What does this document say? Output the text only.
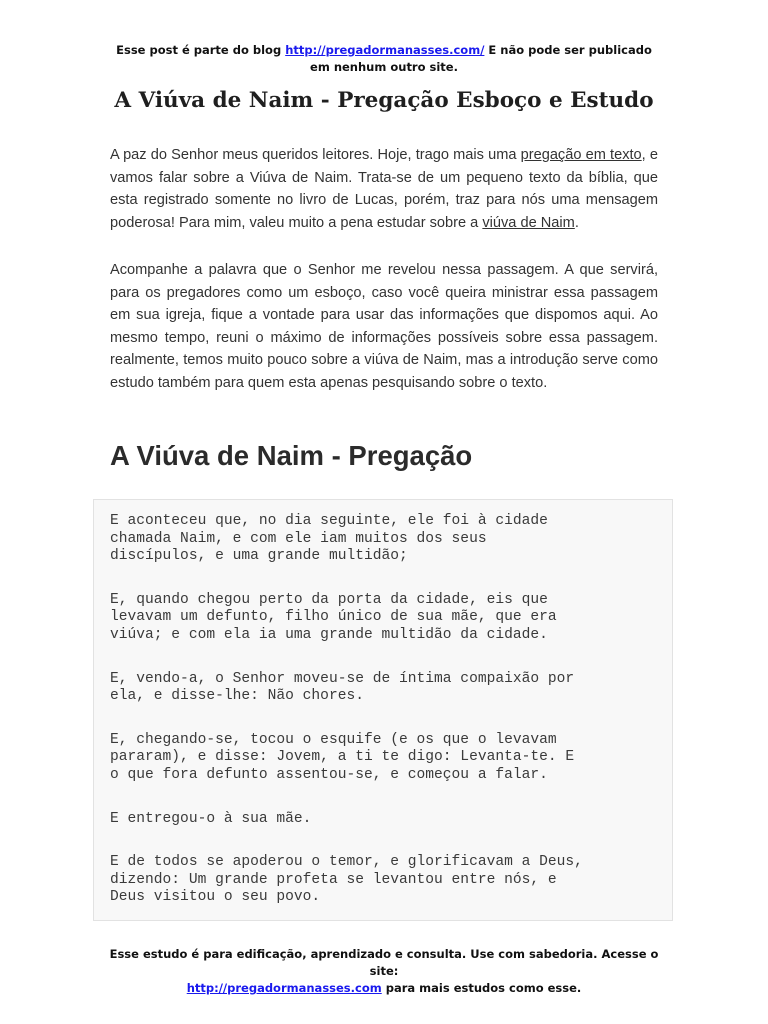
Esse post é parte do blog http://pregadormanasses.com/ E não pode ser publicado em nenhum outro site.
A Viúva de Naim - Pregação Esboço e Estudo

A paz do Senhor meus queridos leitores. Hoje, trago mais uma pregação em texto, e vamos falar sobre a Viúva de Naim. Trata-se de um pequeno texto da bíblia, que esta registrado somente no livro de Lucas, porém, traz para nós uma mensagem poderosa! Para mim, valeu muito a pena estudar sobre a viúva de Naim.

Acompanhe a palavra que o Senhor me revelou nessa passagem. A que servirá, para os pregadores como um esboço, caso você queira ministrar essa passagem em sua igreja, fique a vontade para usar das informações que dispomos aqui. Ao mesmo tempo, reuni o máximo de informações possíveis sobre essa passagem. realmente, temos muito pouco sobre a viúva de Naim, mas a introdução serve como estudo também para quem esta apenas pesquisando sobre o texto.

A Viúva de Naim - Pregação

E aconteceu que, no dia seguinte, ele foi à cidade
chamada Naim, e com ele iam muitos dos seus
discípulos, e uma grande multidão;

E, quando chegou perto da porta da cidade, eis que
levavam um defunto, filho único de sua mãe, que era
viúva; e com ela ia uma grande multidão da cidade.

E, vendo-a, o Senhor moveu-se de íntima compaixão por
ela, e disse-lhe: Não chores.

E, chegando-se, tocou o esquife (e os que o levavam
pararam), e disse: Jovem, a ti te digo: Levanta-te. E
o que fora defunto assentou-se, e começou a falar.

E entregou-o à sua mãe.

E de todos se apoderou o temor, e glorificavam a Deus,
dizendo: Um grande profeta se levantou entre nós, e
Deus visitou o seu povo.

Esse estudo é para edificação, aprendizado e consulta. Use com sabedoria. Acesse o site:
http://pregadormanasses.com para mais estudos como esse.
